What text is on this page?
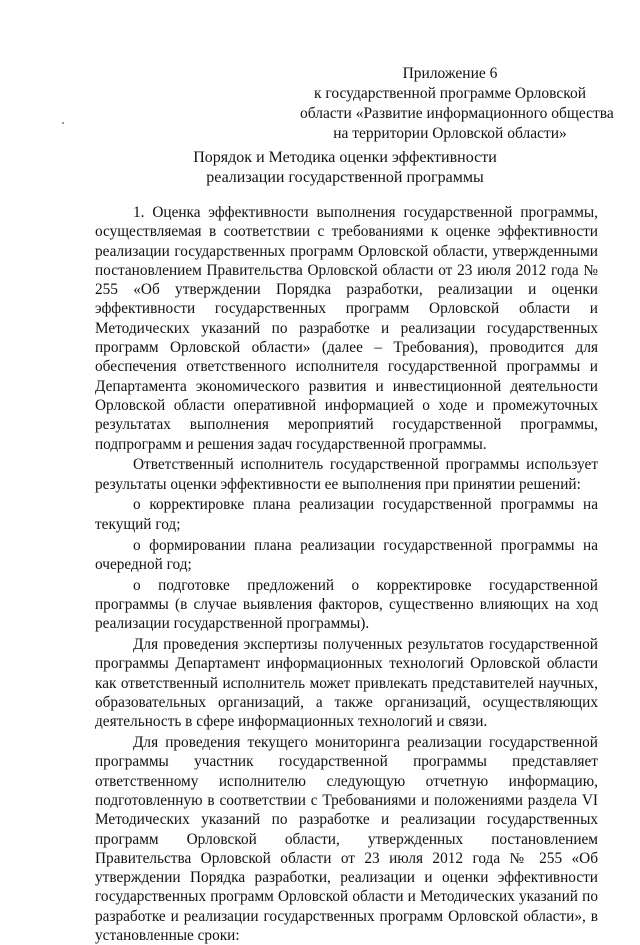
Приложение 6
к государственной программе Орловской
области «Развитие информационного общества
на территории Орловской области»
Порядок и Методика оценки эффективности
реализации государственной программы

1. Оценка эффективности выполнения государственной программы, осуществляемая в соответствии с требованиями к оценке эффективности реализации государственных программ Орловской области, утвержденными постановлением Правительства Орловской области от 23 июля 2012 года № 255 «Об утверждении Порядка разработки, реализации и оценки эффективности государственных программ Орловской области и Методических указаний по разработке и реализации государственных программ Орловской области» (далее – Требования), проводится для обеспечения ответственного исполнителя государственной программы и Департамента экономического развития и инвестиционной деятельности Орловской области оперативной информацией о ходе и промежуточных результатах выполнения мероприятий государственной программы, подпрограмм и решения задач государственной программы.

Ответственный исполнитель государственной программы использует результаты оценки эффективности ее выполнения при принятии решений:

о корректировке плана реализации государственной программы на текущий год;

о формировании плана реализации государственной программы на очередной год;

о подготовке предложений о корректировке государственной программы (в случае выявления факторов, существенно влияющих на ход реализации государственной программы).

Для проведения экспертизы полученных результатов государственной программы Департамент информационных технологий Орловской области как ответственный исполнитель может привлекать представителей научных, образовательных организаций, а также организаций, осуществляющих деятельность в сфере информационных технологий и связи.

Для проведения текущего мониторинга реализации государственной программы участник государственной программы представляет ответственному исполнителю следующую отчетную информацию, подготовленную в соответствии с Требованиями и положениями раздела VI Методических указаний по разработке и реализации государственных программ Орловской области, утвержденных постановлением Правительства Орловской области от 23 июля 2012 года № 255 «Об утверждении Порядка разработки, реализации и оценки эффективности государственных программ Орловской области и Методических указаний по разработке и реализации государственных программ Орловской области», в установленные сроки:
